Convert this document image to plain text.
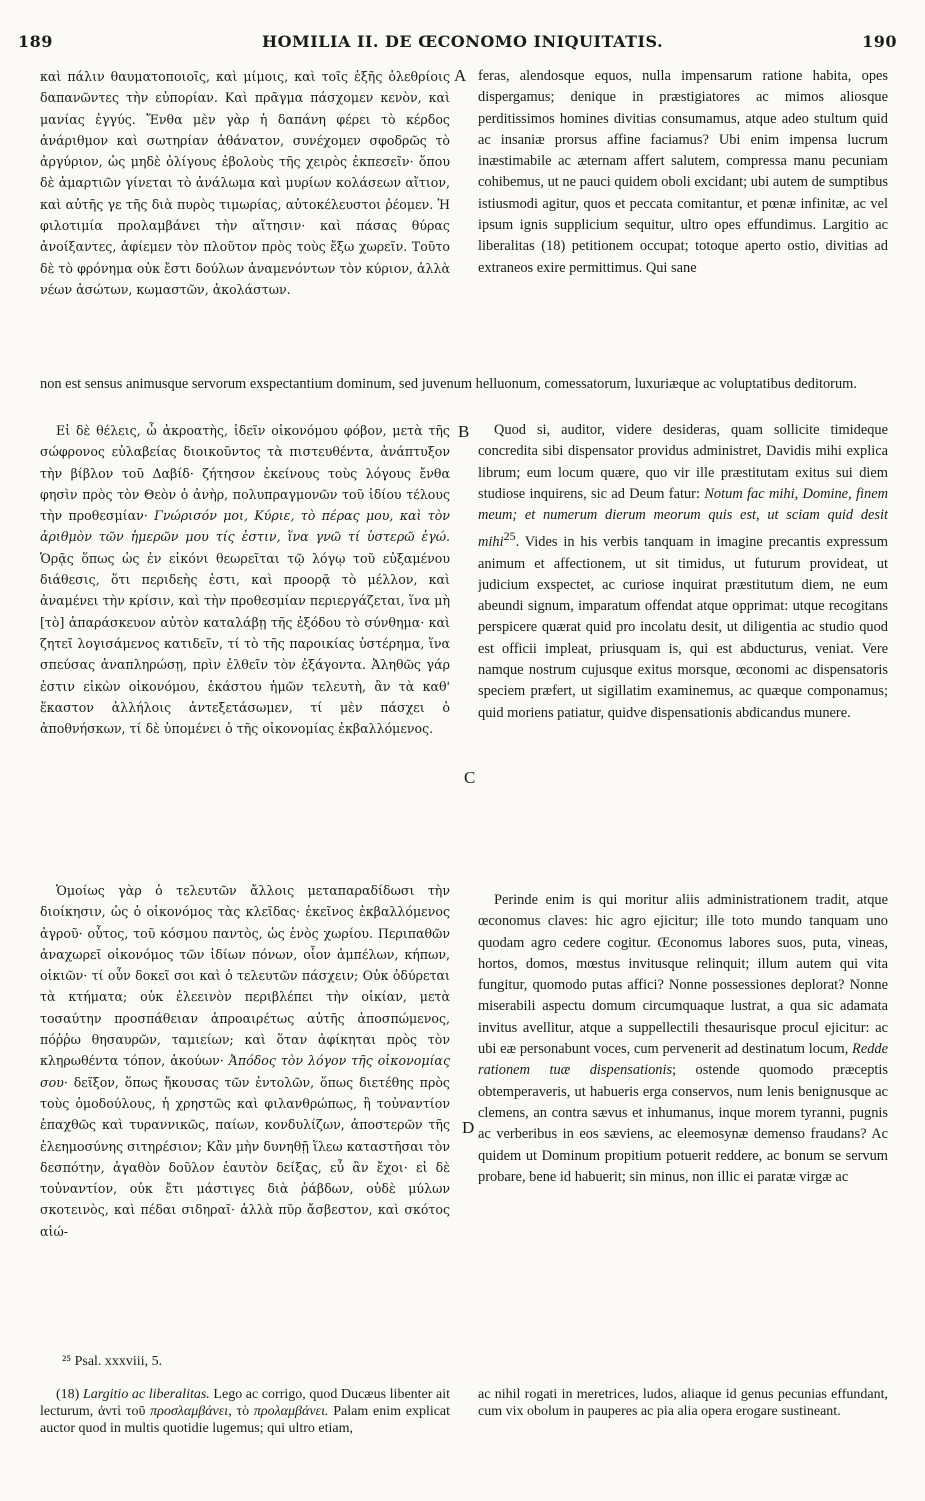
189	HOMILIA II. DE ŒCONOMO INIQUITATIS.	190

καὶ πάλιν θαυματοποιοῖς, καὶ μίμοις, καὶ τοῖς ἑξῆς ὀλεθρίοις δαπανῶντες τὴν εὐπορίαν. Καὶ πρᾶγμα πάσχομεν κενὸν, καὶ μανίας ἐγγύς. Ἔνθα μὲν γὰρ ἡ δαπάνη φέρει τὸ κέρδος ἀνάριθμον καὶ σωτηρίαν ἀθάνατον, συνέχομεν σφοδρῶς τὸ ἀργύριον, ὡς μηδὲ ὀλίγους ἐβολοὺς τῆς χειρὸς ἐκπεσεῖν· ὅπου δὲ ἁμαρτιῶν γίνεται τὸ ἀνάλωμα καὶ μυρίων κολάσεων αἴτιον, καὶ αὐτῆς γε τῆς διὰ πυρὸς τιμωρίας, αὐτοκέλευστοι ῥέομεν. Ἡ φιλοτιμία προλαμβάνει τὴν αἴτησιν· καὶ πάσας θύρας ἀνοίξαντες, ἀφίεμεν τὸν πλοῦτον πρὸς τοὺς ἔξω χωρεῖν. Τοῦτο δὲ τὸ φρόνημα οὐκ ἔστι δούλων ἀναμενόντων τὸν κύριον, ἀλλὰ νέων ἀσώτων, κωμαστῶν, ἀκολάστων.

A feras, alendosque equos, nulla impensarum ratione habita, opes dispergamus; denique in præstigiatores ac mimos aliosque perditissimos homines divitias consumamus, atque adeo stultum quid ac insaniæ prorsus affine faciamus? Ubi enim impensa lucrum inæstimabile ac æternam affert salutem, compressa manu pecuniam cohibemus, ut ne pauci quidem oboli excidant; ubi autem de sumptibus istiusmodi agitur, quos et peccata comitantur, et pœnæ infinitæ, ac vel ipsum ignis supplicium sequitur, ultro opes effundimus. Largitio ac liberalitas (18) petitionem occupat; totoque aperto ostio, divitias ad extraneos exire permittimus. Qui sane

non est sensus animusque servorum exspectantium dominum, sed juvenum helluonum, comessatorum, luxuriæque ac voluptatibus deditorum.

Εἰ δὲ θέλεις, ὦ ἀκροατὴς, ἰδεῖν οἰκονόμου φόβον, μετὰ τῆς σώφρονος εὐλαβείας διοικοῦντος τὰ πιστευθέντα, ἀνάπτυξον τὴν βίβλον τοῦ Δαβίδ· ζήτησον ἐκείνους τοὺς λόγους ἔνθα φησὶν πρὸς τὸν Θεὸν ὁ ἀνὴρ, πολυπραγμονῶν τοῦ ἰδίου τέλους τὴν προθεσμίαν· Γνώρισόν μοι, Κύριε, τὸ πέρας μου, καὶ τὸν ἀριθμὸν τῶν ἡμερῶν μου τίς ἐστιν, ἵνα γνῶ τί ὑστερῶ ἐγώ. Ὁρᾷς ὅπως ὡς ἐν εἰκόνι θεωρεῖται τῷ λόγῳ τοῦ εὐξαμένου διάθεσις, ὅτι περιδεὴς ἐστι, καὶ προορᾷ τὸ μέλλον, καὶ ἀναμένει τὴν κρίσιν, καὶ τὴν προθεσμίαν περιεργάζεται, ἵνα μὴ [τὸ] ἀπαράσκευον αὐτὸν καταλάβῃ τῆς ἐξόδου τὸ σύνθημα· καὶ ζητεῖ λογισάμενος κατιδεῖν, τί τὸ τῆς παροικίας ὑστέρημα, ἵνα σπεύσας ἀναπληρώσῃ, πρὶν ἐλθεῖν τὸν ἐξάγοντα. Ἀληθῶς γάρ ἐστιν εἰκὼν οἰκονόμου, ἑκάστου ἡμῶν τελευτὴ, ἂν τὰ καθ' ἕκαστον ἀλλήλοις ἀντεξετάσωμεν, τί μὲν πάσχει ὁ ἀποθνήσκων, τί δὲ ὑπομένει ὁ τῆς οἰκονομίας ἐκβαλλόμενος.

B
C

Quod si, auditor, videre desideras, quam sollicite timideque concredita sibi dispensator providus administret, Davidis mihi explica librum; eum locum quære, quo vir ille præstitutam exitus sui diem studiose inquirens, sic ad Deum fatur: Notum fac mihi, Domine, finem meum; et numerum dierum meorum quis est, ut sciam quid desit mihi$^{25}$. Vides in his verbis tanquam in imagine precantis expressum animum et affectionem, ut sit timidus, ut futurum provideat, ut judicium exspectet, ac curiose inquirat præstitutum diem, ne eum abeundi signum, imparatum offendat atque opprimat: utque recogitans perspicere quærat quid pro incolatu desit, ut diligentia ac studio quod est officii impleat, priusquam is, qui est abducturus, veniat. Vere namque nostrum cujusque exitus morsque, œconomi ac dispensatoris speciem præfert, ut sigillatim examinemus, ac quæque componamus; quid moriens patiatur, quidve dispensationis abdicandus munere.

Ὁμοίως γὰρ ὁ τελευτῶν ἄλλοις μεταπαραδίδωσι τὴν διοίκησιν, ὡς ὁ οἰκονόμος τὰς κλεῖδας· ἐκεῖνος ἐκβαλλόμενος ἀγροῦ· οὗτος, τοῦ κόσμου παντὸς, ὡς ἑνὸς χωρίου. Περιπαθῶν ἀναχωρεῖ οἰκονόμος τῶν ἰδίων πόνων, οἷον ἀμπέλων, κήπων, οἰκιῶν· τί οὖν δοκεῖ σοι καὶ ὁ τελευτῶν πάσχειν; Οὐκ ὀδύρεται τὰ κτήματα; οὐκ ἐλεεινὸν περιβλέπει τὴν οἰκίαν, μετὰ τοσαύτην προσπάθειαν ἀπροαιρέτως αὐτῆς ἀποσπώμενος, πόῤῥω θησαυρῶν, ταμιείων; καὶ ὅταν ἀφίκηται πρὸς τὸν κληρωθέντα τόπον, ἀκούων· Ἀπόδος τὸν λόγον τῆς οἰκονομίας σου· δεῖξον, ὅπως ἤκουσας τῶν ἐντολῶν, ὅπως διετέθης πρὸς τοὺς ὁμοδούλους, ἡ χρηστῶς καὶ φιλανθρώπως, ἢ τοὐναντίον ἐπαχθῶς καὶ τυραννικῶς, παίων, κονδυλίζων, ἀποστερῶν τῆς ἐλεημοσύνης σιτηρέσιον; Κἂν μὴν δυνηθῇ ἵλεω καταστῆσαι τὸν δεσπότην, ἀγαθὸν δοῦλον ἑαυτὸν δείξας, εὖ ἂν ἔχοι· εἰ δὲ τοὐναντίον, οὐκ ἔτι μάστιγες διὰ ῥάβδων, οὐδὲ μύλων σκοτεινὸς, καὶ πέδαι σιδηραῖ· ἀλλὰ πῦρ ἄσβεστον, καὶ σκότος αἰώ-

D

Perinde enim is qui moritur aliis administrationem tradit, atque œconomus claves: hic agro ejicitur; ille toto mundo tanquam uno quodam agro cedere cogitur. Œconomus labores suos, puta, vineas, hortos, domos, mœstus invitusque relinquit; illum autem qui vita fungitur, quomodo putas affici? Nonne possessiones deplorat? Nonne miserabili aspectu domum circumquaque lustrat, a qua sic adamata invitus avellitur, atque a suppellectili thesaurisque procul ejicitur: ac ubi eæ personabunt voces, cum pervenerit ad destinatum locum, Redde rationem tuæ dispensationis; ostende quomodo præceptis obtemperaveris, ut habueris erga conservos, num lenis benignusque ac clemens, an contra sævus et inhumanus, inque morem tyranni, pugnis ac verberibus in eos sæviens, ac eleemosynæ demenso fraudans? Ac quidem ut Dominum propitium potuerit reddere, ac bonum se servum probare, bene id habuerit; sin minus, non illic ei paratæ virgæ ac

²⁵ Psal. xxxviii, 5.

(18) Largitio ac liberalitas. Lego ac corrigo, quod Ducæus libenter ait lecturum, ἀντὶ τοῦ προσλαμβάνει, τὸ προλαμβάνει. Palam enim explicat auctor quod in multis quotidie lugemus; qui ultro etiam,

ac nihil rogati in meretrices, ludos, aliaque id genus pecunias effundant, cum vix obolum in pauperes ac pia alia opera erogare sustineant.
